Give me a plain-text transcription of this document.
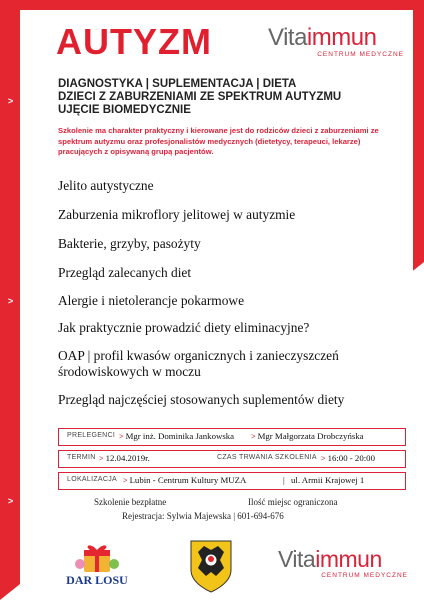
>
>
>
AUTYZM Vitaimmun
CENTRUM MEDYCZNE
DIAGNOSTYKA | SUPLEMENTACJA | DIETA
DZIECI Z ZABURZENIAMI ZE SPEKTRUM AUTYZMU
UJĘCIE BIOMEDYCZNIE
Szkolenie ma charakter praktyczny i kierowane jest do rodziców dzieci z zaburzeniami ze spektrum autyzmu oraz profesjonalistów medycznych (dietetycy, terapeuci, lekarze) pracujących z opisywaną grupą pacjentów.
Jelito autystyczne
Zaburzenia mikroflory jelitowej w autyzmie
Bakterie, grzyby, pasożyty
Przegląd zalecanych diet
Alergie i nietolerancje pokarmowe
Jak praktycznie prowadzić diety eliminacyjne?
OAP | profil kwasów organicznych i zanieczyszczeń
środowiskowych w moczu
Przegląd najczęściej stosowanych suplementów diety
PRELEGENCI > Mgr inż. Dominika Jankowska > Mgr Małgorzata Drobczyńska
TERMIN > 12.04.2019r.	CZAS TRWANIA SZKOLENIA > 16:00 - 20:00
LOKALIZACJA > Lubin - Centrum Kultury MUZA	| ul. Armii Krajowej 1
Szkolenie bezpłatne	Ilość miejsc ograniczona
Rejestracja: Sylwia Majewska | 601-694-676
DAR LOSU
Vitaimmun
CENTRUM MEDYCZNE
